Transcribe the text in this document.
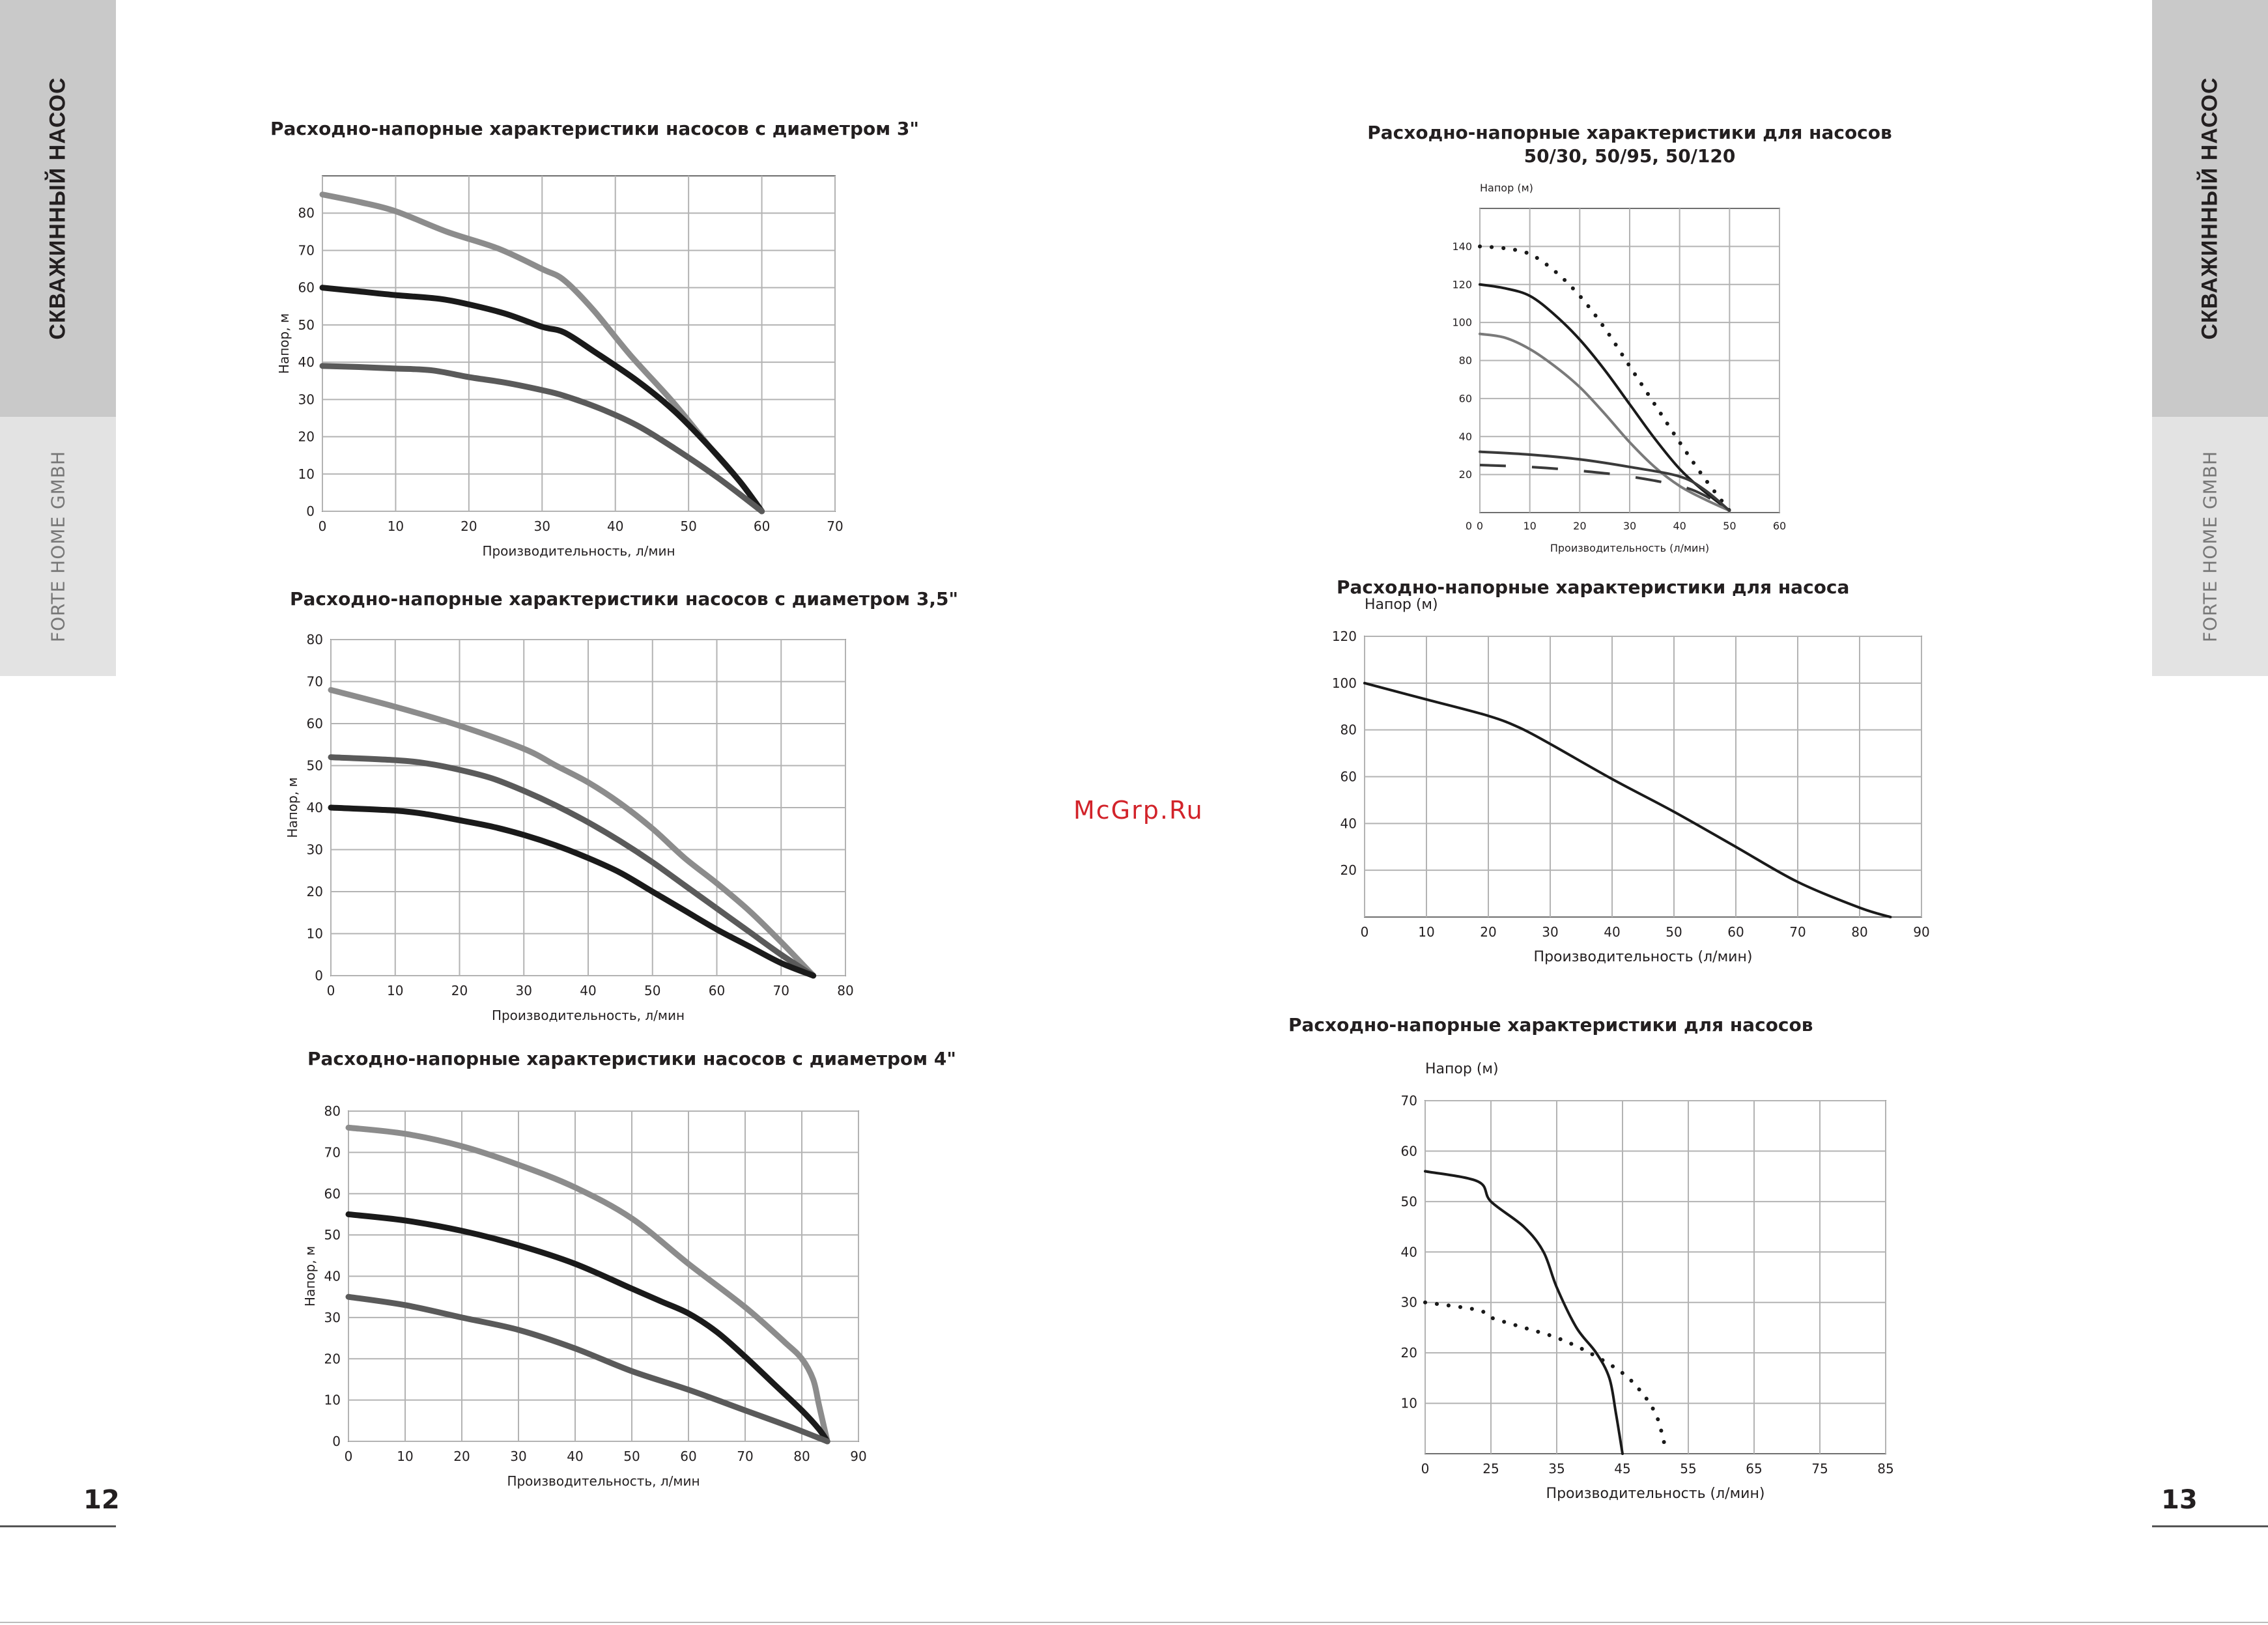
СКВАЖИННЫЙ НАСОС
FORTE HOME GMBH
СКВАЖИННЫЙ НАСОС
FORTE HOME GMBH
12	13
McGrp.Ru
Расходно-напорные характеристики насосов с диаметром 3"
Расходно-напорные характеристики насосов с диаметром 3,5"
Расходно-напорные характеристики насосов с диаметром 4"
Расходно-напорные характеристики для насосов
50/30, 50/95, 50/120
Расходно-напорные характеристики для насоса
Расходно-напорные характеристики для насосов
0	10	20	30	40	50	60	70
0
10
20
30
40
50
60
70
80
Производительность, л/мин
Напор, м
0	10	20	30	40	50	60	70	80
0
10
20
30
40
50
60
70
80
Производительность, л/мин
Напор, м
0	10	20	30	40	50	60	70	80	90
0
10
20
30
40
50
60
70
80
Производительность, л/мин
Напор, м
0	10	20	30	40	50	60
20
40
60
80
100
120
140
0
Производительность (л/мин)
Напор (м)
0	10	20	30	40	50	60	70	80	90
20
40
60
80
100
120
Производительность (л/мин)
Напор (м)
0	25	35	45	55	65	75	85
10
20
30
40
50
60
70
Производительность (л/мин)
Напор (м)
